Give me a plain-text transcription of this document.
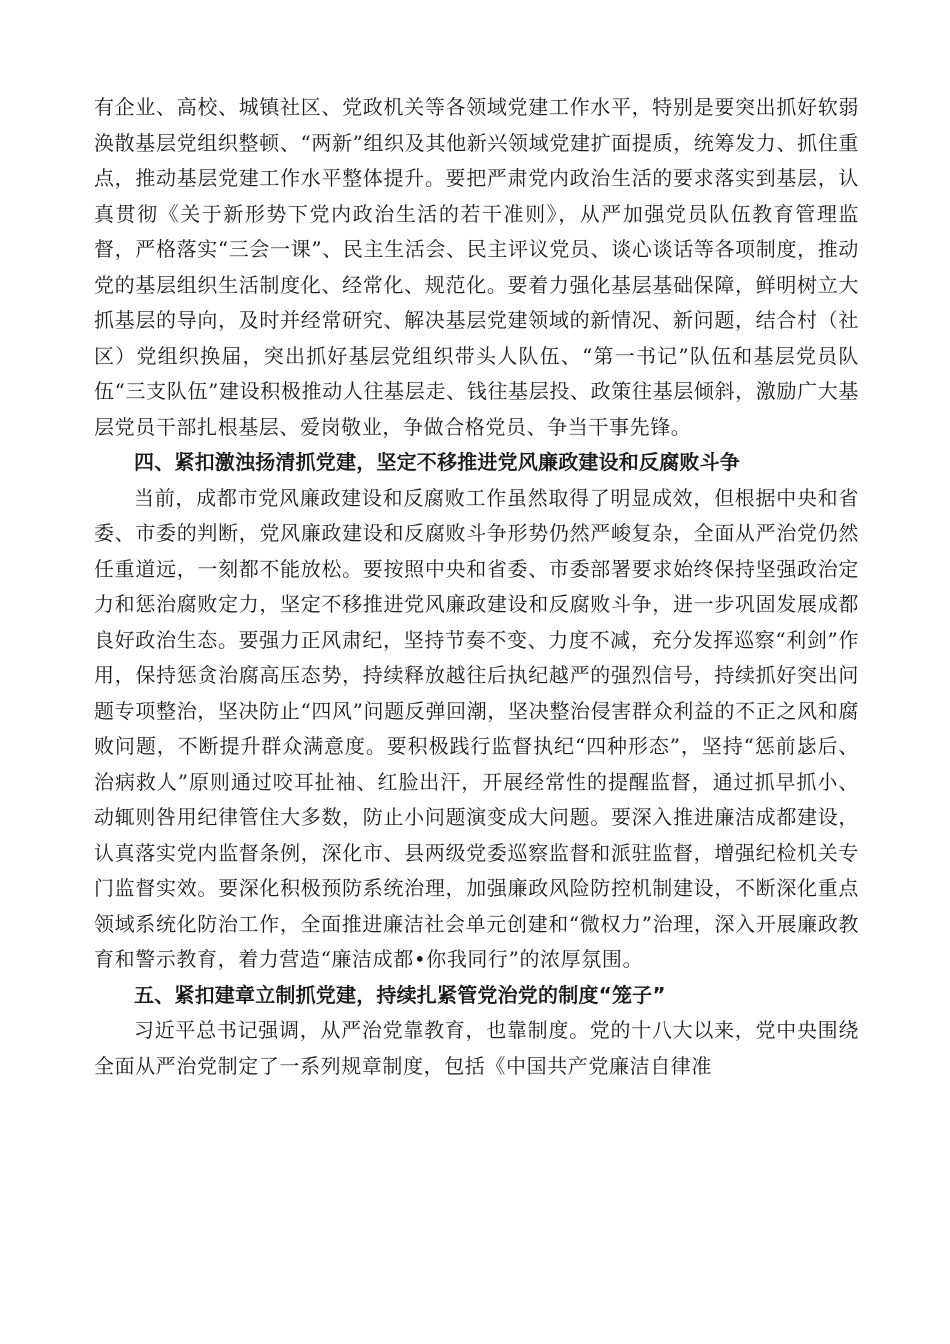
有企业、高校、城镇社区、党政机关等各领域党建工作水平，特别是要突出抓好软弱涣散基层党组织整顿、“两新”组织及其他新兴领域党建扩面提质，统筹发力、抓住重点，推动基层党建工作水平整体提升。要把严肃党内政治生活的要求落实到基层，认真贯彻《关于新形势下党内政治生活的若干准则》，从严加强党员队伍教育管理监督，严格落实“三会一课”、民主生活会、民主评议党员、谈心谈话等各项制度，推动党的基层组织生活制度化、经常化、规范化。要着力强化基层基础保障，鲜明树立大抓基层的导向，及时并经常研究、解决基层党建领域的新情况、新问题，结合村（社区）党组织换届，突出抓好基层党组织带头人队伍、“第一书记”队伍和基层党员队伍“三支队伍”建设积极推动人往基层走、钱往基层投、政策往基层倾斜，激励广大基层党员干部扎根基层、爱岗敬业，争做合格党员、争当干事先锋。

四、紧扣激浊扬清抓党建，坚定不移推进党风廉政建设和反腐败斗争

当前，成都市党风廉政建设和反腐败工作虽然取得了明显成效，但根据中央和省委、市委的判断，党风廉政建设和反腐败斗争形势仍然严峻复杂，全面从严治党仍然任重道远，一刻都不能放松。要按照中央和省委、市委部署要求始终保持坚强政治定力和惩治腐败定力，坚定不移推进党风廉政建设和反腐败斗争，进一步巩固发展成都良好政治生态。要强力正风肃纪，坚持节奏不变、力度不减，充分发挥巡察“利剑”作用，保持惩贪治腐高压态势，持续释放越往后执纪越严的强烈信号，持续抓好突出问题专项整治，坚决防止“四风”问题反弹回潮，坚决整治侵害群众利益的不正之风和腐败问题，不断提升群众满意度。要积极践行监督执纪“四种形态”，坚持“惩前毖后、治病救人”原则通过咬耳扯袖、红脸出汗，开展经常性的提醒监督，通过抓早抓小、动辄则咎用纪律管住大多数，防止小问题演变成大问题。要深入推进廉洁成都建设，认真落实党内监督条例，深化市、县两级党委巡察监督和派驻监督，增强纪检机关专门监督实效。要深化积极预防系统治理，加强廉政风险防控机制建设，不断深化重点领域系统化防治工作，全面推进廉洁社会单元创建和“微权力”治理，深入开展廉政教育和警示教育，着力营造“廉洁成都•你我同行”的浓厚氛围。

五、紧扣建章立制抓党建，持续扎紧管党治党的制度“笼子”

习近平总书记强调，从严治党靠教育，也靠制度。党的十八大以来，党中央围绕全面从严治党制定了一系列规章制度，包括《中国共产党廉洁自律准
